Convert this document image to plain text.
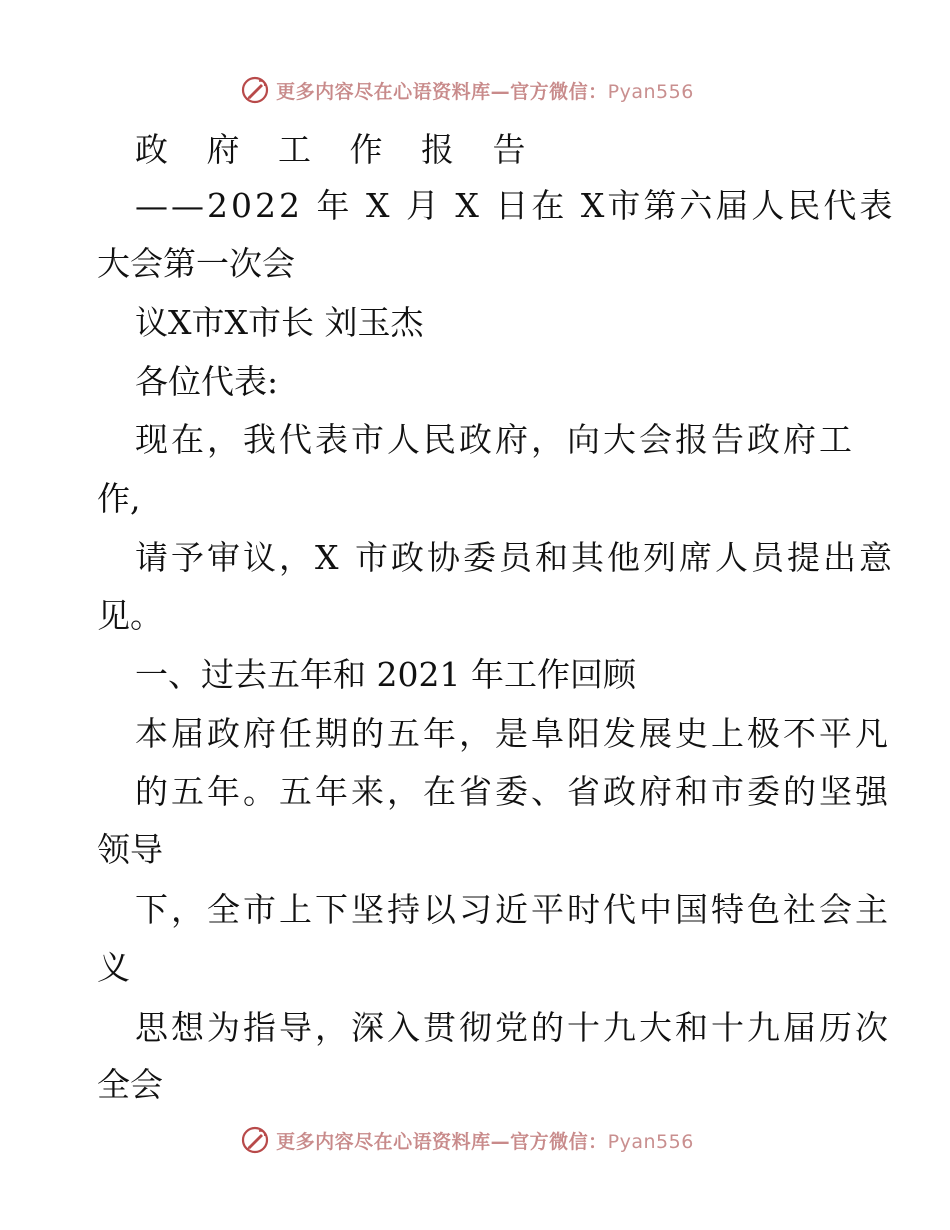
更多内容尽在心语资料库—官方微信：Pyan556
政 府 工 作 报 告
——2022 年 X 月 X 日在 X市第六届人民代表
大会第一次会
议X市X市长 刘玉杰
各位代表:
现在，我代表市人民政府，向大会报告政府工
作,
请予审议，X 市政协委员和其他列席人员提出意
见。
一、过去五年和 2021 年工作回顾
本届政府任期的五年，是阜阳发展史上极不平凡
的五年。五年来，在省委、省政府和市委的坚强
领导
下，全市上下坚持以习近平时代中国特色社会主
义
思想为指导，深入贯彻党的十九大和十九届历次
全会
更多内容尽在心语资料库—官方微信：Pyan556
